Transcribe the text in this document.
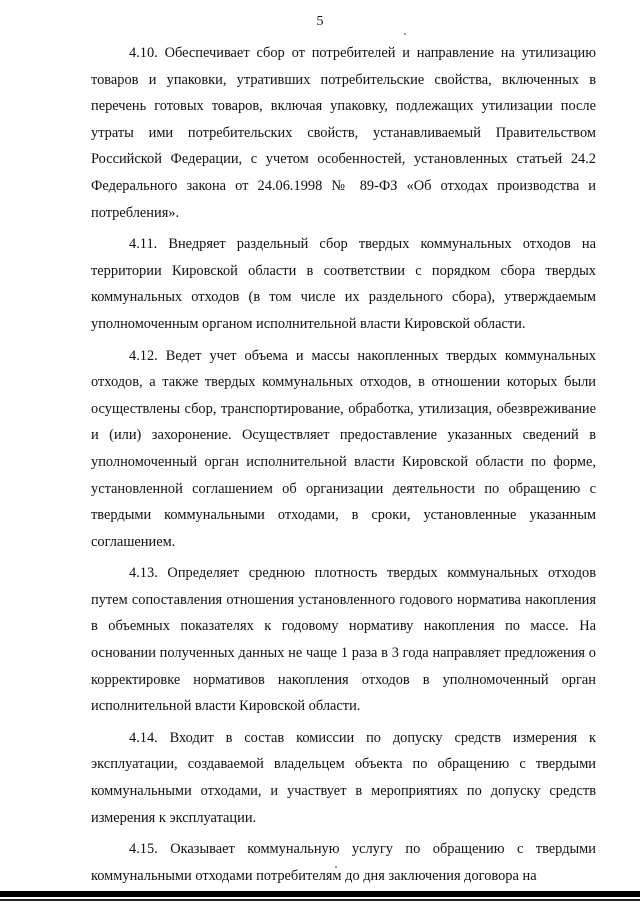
5

4.10. Обеспечивает сбор от потребителей и направление на утилизацию товаров и упаковки, утративших потребительские свойства, включенных в перечень готовых товаров, включая упаковку, подлежащих утилизации после утраты ими потребительских свойств, устанавливаемый Правительством Российской Федерации, с учетом особенностей, установленных статьей 24.2 Федерального закона от 24.06.1998 № 89-ФЗ «Об отходах производства и потребления».

4.11. Внедряет раздельный сбор твердых коммунальных отходов на территории Кировской области в соответствии с порядком сбора твердых коммунальных отходов (в том числе их раздельного сбора), утверждаемым уполномоченным органом исполнительной власти Кировской области.

4.12. Ведет учет объема и массы накопленных твердых коммунальных отходов, а также твердых коммунальных отходов, в отношении которых были осуществлены сбор, транспортирование, обработка, утилизация, обезвреживание и (или) захоронение. Осуществляет предоставление указанных сведений в уполномоченный орган исполнительной власти Кировской области по форме, установленной соглашением об организации деятельности по обращению с твердыми коммунальными отходами, в сроки, установленные указанным соглашением.

4.13. Определяет среднюю плотность твердых коммунальных отходов путем сопоставления отношения установленного годового норматива накопления в объемных показателях к годовому нормативу накопления по массе. На основании полученных данных не чаще 1 раза в 3 года направляет предложения о корректировке нормативов накопления отходов в уполномоченный орган исполнительной власти Кировской области.

4.14. Входит в состав комиссии по допуску средств измерения к эксплуатации, создаваемой владельцем объекта по обращению с твердыми коммунальными отходами, и участвует в мероприятиях по допуску средств измерения к эксплуатации.

4.15. Оказывает коммунальную услугу по обращению с твердыми коммунальными отходами потребителям до дня заключения договора на
